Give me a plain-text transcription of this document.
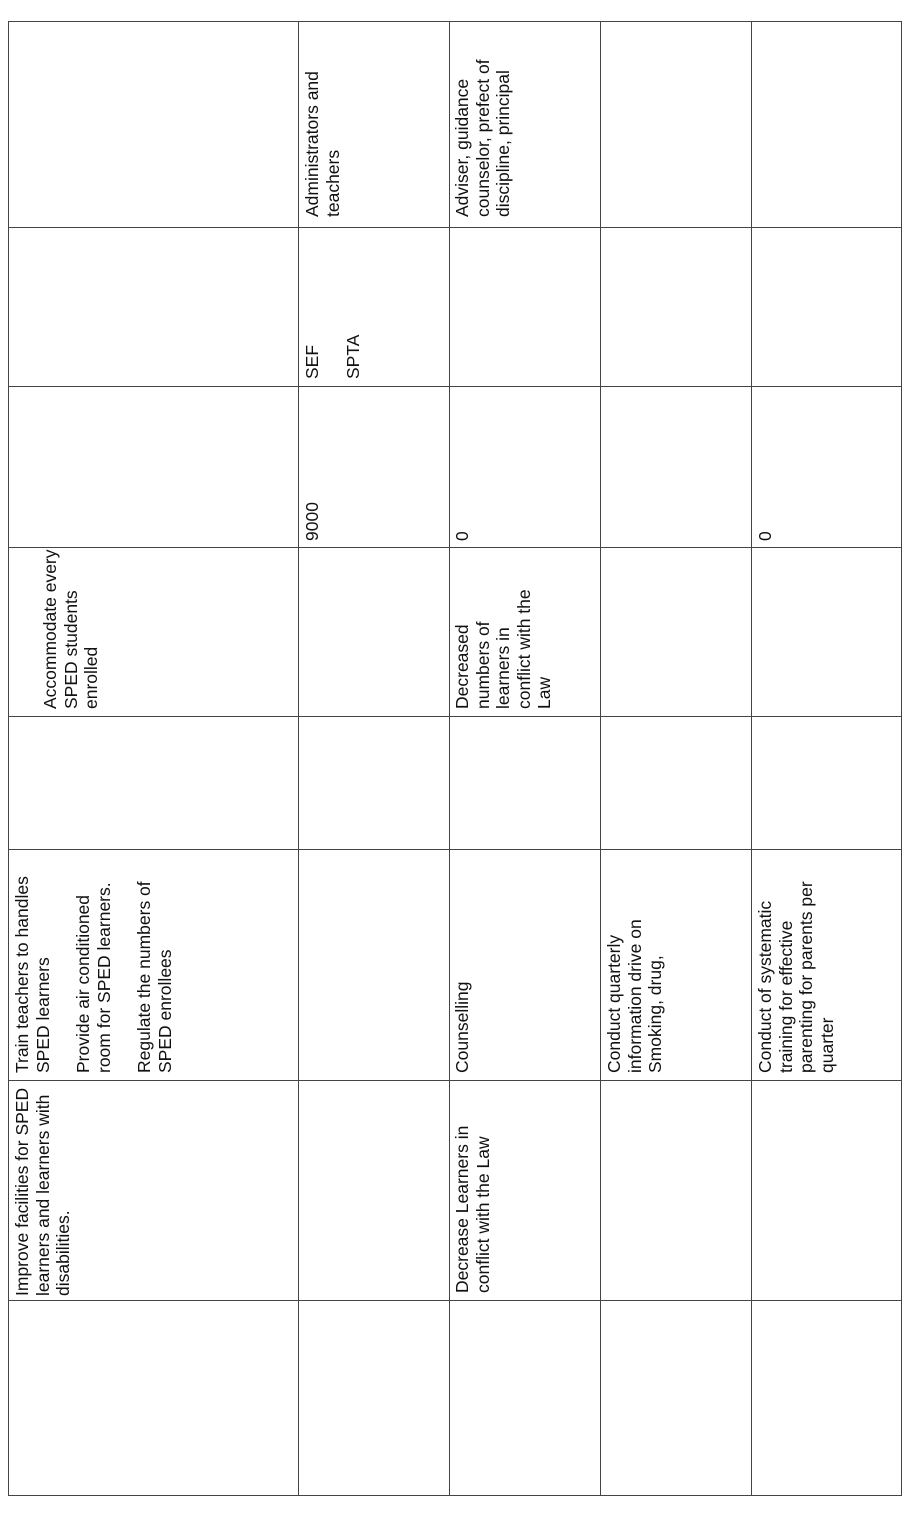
Improve facilities for SPED learners and learners with disabilities.

Train teachers to handles SPED learners Provide air conditioned room for SPED learners. Regulate the numbers of SPED enrollees

Accommodate every SPED students enrolled
9000

SEF SPTA

Administrators and teachers
Decrease Learners in conflict with the Law
Counselling
Decreased numbers of learners in conflict with the Law
0
Adviser, guidance counselor, prefect of discipline, principal
Conduct quarterly information drive on Smoking, drug,	Conduct of systematic training for effective parenting for parents per quarter
0
